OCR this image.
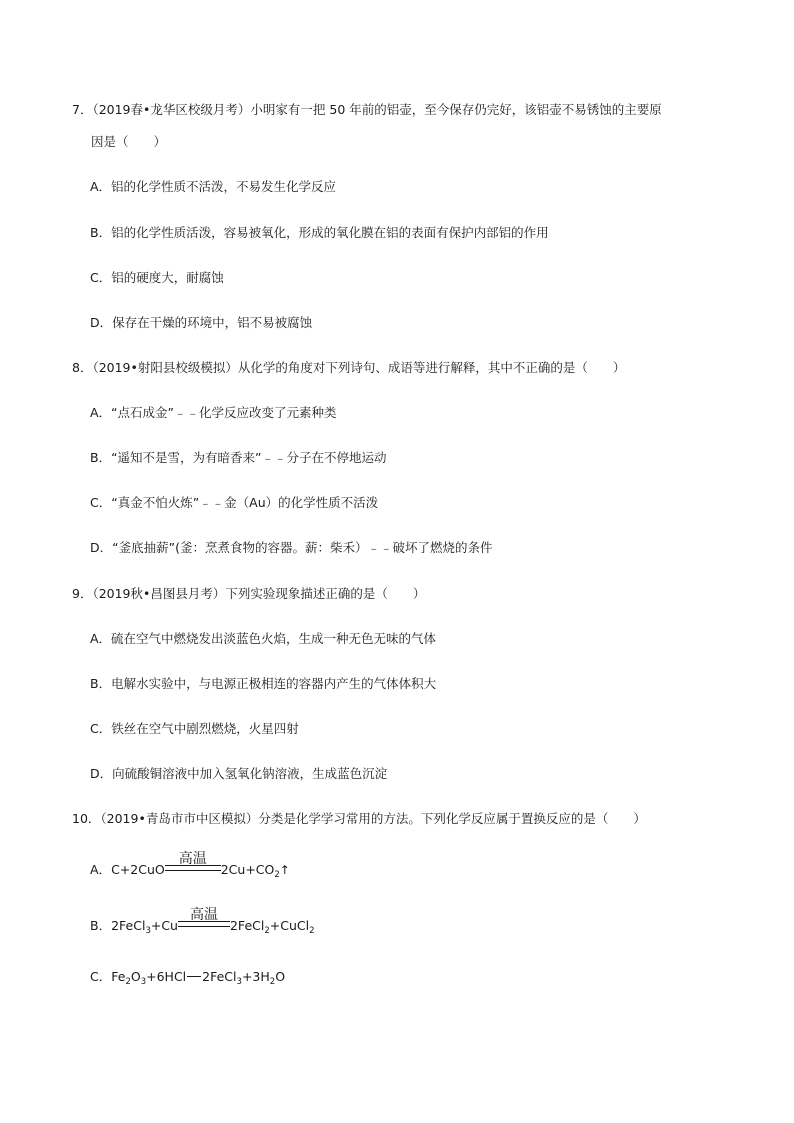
7．（2019春•龙华区校级月考）小明家有一把 50 年前的铝壶，至今保存仍完好，该铝壶不易锈蚀的主要原
因是（　　）
A．铝的化学性质不活泼，不易发生化学反应
B．铝的化学性质活泼，容易被氧化，形成的氧化膜在铝的表面有保护内部铝的作用
C．铝的硬度大，耐腐蚀
D．保存在干燥的环境中，铝不易被腐蚀
8．（2019•射阳县校级模拟）从化学的角度对下列诗句、成语等进行解释，其中不正确的是（　　）
A．“点石成金”﹣﹣化学反应改变了元素种类
B．“遥知不是雪，为有暗香来”﹣﹣分子在不停地运动
C．“真金不怕火炼”﹣﹣金（Au）的化学性质不活泼
D．“釜底抽薪”(釜：烹煮食物的容器。薪：柴禾）﹣﹣破坏了燃烧的条件
9．（2019秋•昌图县月考）下列实验现象描述正确的是（　　）
A．硫在空气中燃烧发出淡蓝色火焰，生成一种无色无味的气体
B．电解水实验中，与电源正极相连的容器内产生的气体体积大
C．铁丝在空气中剧烈燃烧，火星四射
D．向硫酸铜溶液中加入氢氧化钠溶液，生成蓝色沉淀
10．（2019•青岛市市中区模拟）分类是化学学习常用的方法。下列化学反应属于置换反应的是（　　）
A．C+2CuO
高温
$2Cu+CO_2↑$
B．2FeCl$_3$+Cu
高温
2FeCl$_2$+CuCl$_2$
C．$Fe_2O_3+6HCl$ $2FeCl_3+3H_2O$
